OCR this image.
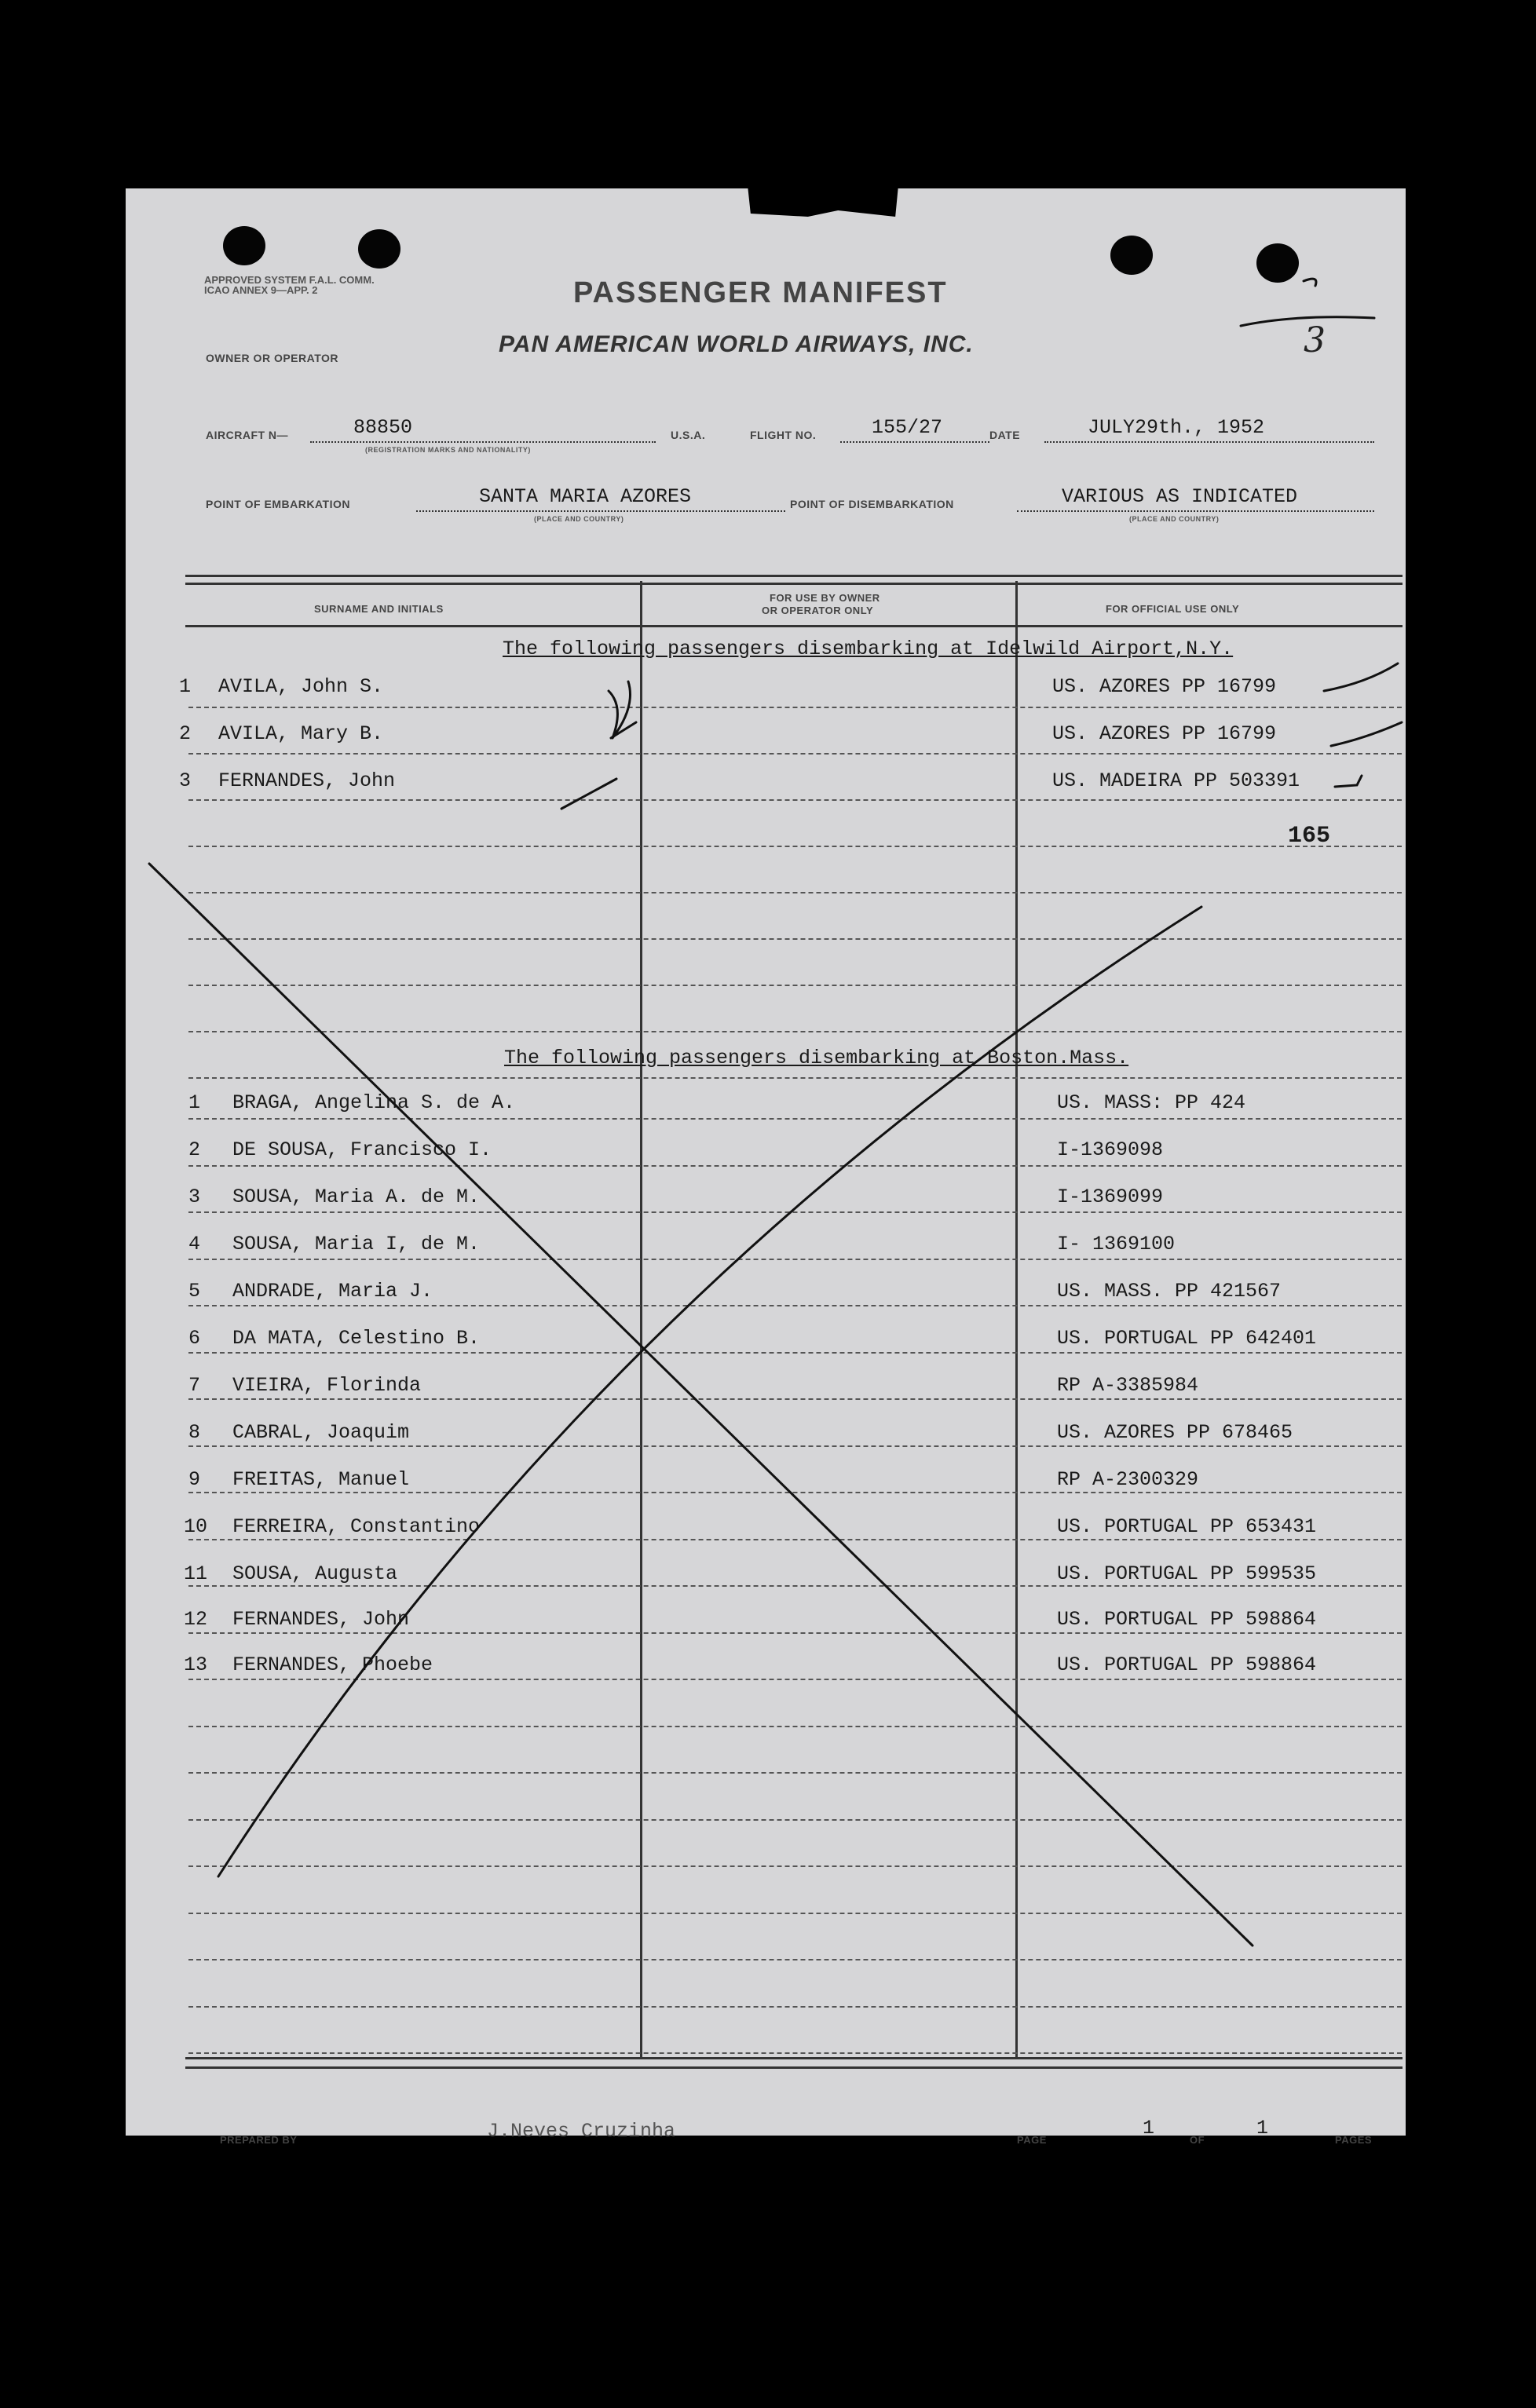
APPROVED SYSTEM F.A.L. COMM. ICAO ANNEX 9—APP. 2	PASSENGER MANIFEST
OWNER OR OPERATOR
PAN AMERICAN WORLD AIRWAYS, INC.	3
AIRCRAFT N—	88850
(REGISTRATION MARKS AND NATIONALITY)
U.S.A.	FLIGHT NO.	155/27	DATE	JULY29th., 1952
POINT OF EMBARKATION	SANTA MARIA AZORES
(PLACE AND COUNTRY)
POINT OF DISEMBARKATION	VARIOUS AS INDICATED
(PLACE AND COUNTRY)
SURNAME AND INITIALS
FOR USE BY OWNER
OR OPERATOR ONLY	FOR OFFICIAL USE ONLY
The following passengers disembarking at Idelwild Airport,N.Y.
1 AVILA, John S.	US. AZORES PP 16799
2 AVILA, Mary B.	US. AZORES PP 16799
3 FERNANDES, John	US. MADEIRA PP 503391
165
The following passengers disembarking at Boston.Mass.
1 BRAGA, Angelina S. de A.	US. MASS: PP 424
2 DE SOUSA, Francisco I.	I-1369098
3 SOUSA, Maria A. de M.	I-1369099
4 SOUSA, Maria I, de M.	I- 1369100
5 ANDRADE, Maria J.	US. MASS. PP 421567
6 DA MATA, Celestino B.	US. PORTUGAL PP 642401
7 VIEIRA, Florinda	RP A-3385984
8 CABRAL, Joaquim	US. AZORES PP 678465
9 FREITAS, Manuel	RP A-2300329
10 FERREIRA, Constantino	US. PORTUGAL PP 653431
11 SOUSA, Augusta	US. PORTUGAL PP 599535
12 FERNANDES, John	US. PORTUGAL PP 598864
13 FERNANDES, Phoebe	US. PORTUGAL PP 598864
PREPARED BY	J.Neves Cruzinha	PAGE
1
OF
1
PAGES
